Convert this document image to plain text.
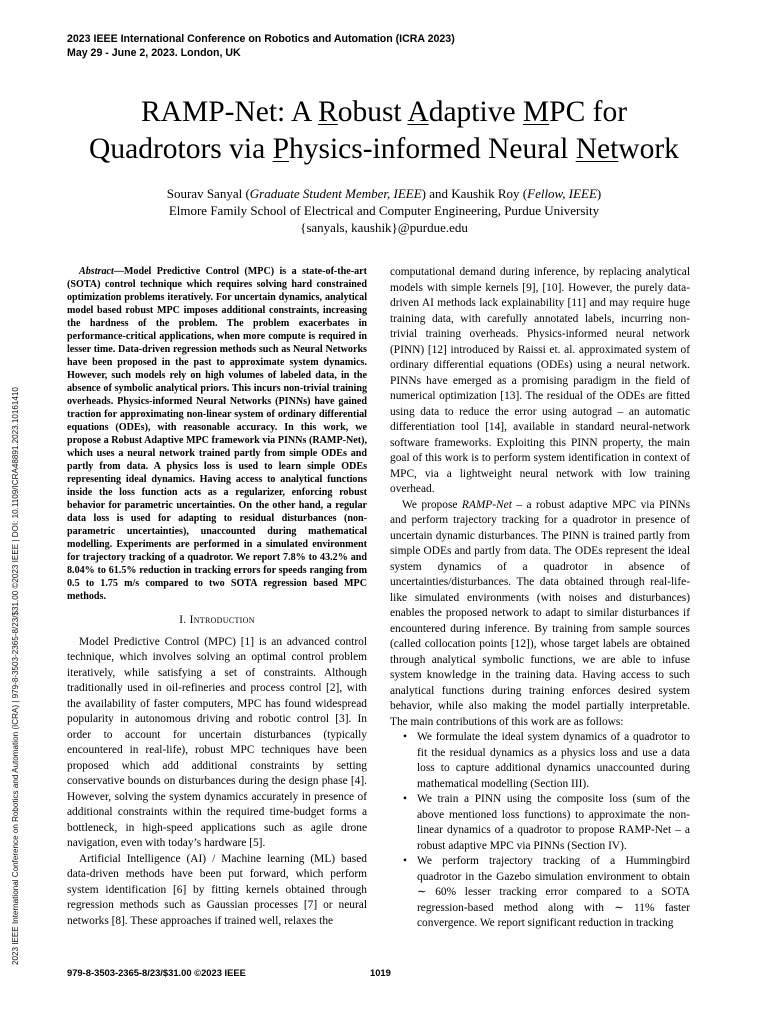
2023 IEEE International Conference on Robotics and Automation (ICRA 2023)
May 29 - June 2, 2023. London, UK
2023 IEEE International Conference on Robotics and Automation (ICRA) | 979-8-3503-2365-8/23/$31.00 ©2023 IEEE | DOI: 10.1109/ICRA48891.2023.10161410
RAMP-Net: A Robust Adaptive MPC for
Quadrotors via Physics-informed Neural Network
Sourav Sanyal (Graduate Student Member, IEEE) and Kaushik Roy (Fellow, IEEE)
Elmore Family School of Electrical and Computer Engineering, Purdue University
{sanyals, kaushik}@purdue.edu
Abstract—Model Predictive Control (MPC) is a state-of-the-art (SOTA) control technique which requires solving hard constrained optimization problems iteratively. For uncertain dynamics, analytical model based robust MPC imposes additional constraints, increasing the hardness of the problem. The problem exacerbates in performance-critical applications, when more compute is required in lesser time. Data-driven regression methods such as Neural Networks have been proposed in the past to approximate system dynamics. However, such models rely on high volumes of labeled data, in the absence of symbolic analytical priors. This incurs non-trivial training overheads. Physics-informed Neural Networks (PINNs) have gained traction for approximating non-linear system of ordinary differential equations (ODEs), with reasonable accuracy. In this work, we propose a Robust Adaptive MPC framework via PINNs (RAMP-Net), which uses a neural network trained partly from simple ODEs and partly from data. A physics loss is used to learn simple ODEs representing ideal dynamics. Having access to analytical functions inside the loss function acts as a regularizer, enforcing robust behavior for parametric uncertainties. On the other hand, a regular data loss is used for adapting to residual disturbances (non-parametric uncertainties), unaccounted during mathematical modelling. Experiments are performed in a simulated environment for trajectory tracking of a quadrotor. We report 7.8% to 43.2% and 8.04% to 61.5% reduction in tracking errors for speeds ranging from 0.5 to 1.75 m/s compared to two SOTA regression based MPC methods.
I. Introduction

Model Predictive Control (MPC) [1] is an advanced control technique, which involves solving an optimal control problem iteratively, while satisfying a set of constraints. Although traditionally used in oil-refineries and process control [2], with the availability of faster computers, MPC has found widespread popularity in autonomous driving and robotic control [3]. In order to account for uncertain disturbances (typically encountered in real-life), robust MPC techniques have been proposed which add additional constraints by setting conservative bounds on disturbances during the design phase [4]. However, solving the system dynamics accurately in presence of additional constraints within the required time-budget forms a bottleneck, in high-speed applications such as agile drone navigation, even with today’s hardware [5].

Artificial Intelligence (AI) / Machine learning (ML) based data-driven methods have been put forward, which perform system identification [6] by fitting kernels obtained through regression methods such as Gaussian processes [7] or neural networks [8]. These approaches if trained well, relaxes the

computational demand during inference, by replacing analytical models with simple kernels [9], [10]. However, the purely data-driven AI methods lack explainability [11] and may require huge training data, with carefully annotated labels, incurring non-trivial training overheads. Physics-informed neural network (PINN) [12] introduced by Raissi et. al. approximated system of ordinary differential equations (ODEs) using a neural network. PINNs have emerged as a promising paradigm in the field of numerical optimization [13]. The residual of the ODEs are fitted using data to reduce the error using autograd – an automatic differentiation tool [14], available in standard neural-network software frameworks. Exploiting this PINN property, the main goal of this work is to perform system identification in context of MPC, via a lightweight neural network with low training overhead.

We propose RAMP-Net – a robust adaptive MPC via PINNs and perform trajectory tracking for a quadrotor in presence of uncertain dynamic disturbances. The PINN is trained partly from simple ODEs and partly from data. The ODEs represent the ideal system dynamics of a quadrotor in absence of uncertainties/disturbances. The data obtained through real-life-like simulated environments (with noises and disturbances) enables the proposed network to adapt to similar disturbances if encountered during inference. By training from sample sources (called collocation points [12]), whose target labels are obtained through analytical symbolic functions, we are able to infuse system knowledge in the training data. Having access to such analytical functions during training enforces desired system behavior, while also making the model partially interpretable. The main contributions of this work are as follows:

• We formulate the ideal system dynamics of a quadrotor to fit the residual dynamics as a physics loss and use a data loss to capture additional dynamics unaccounted during mathematical modelling (Section III).
• We train a PINN using the composite loss (sum of the above mentioned loss functions) to approximate the non-linear dynamics of a quadrotor to propose RAMP-Net – a robust adaptive MPC via PINNs (Section IV).
• We perform trajectory tracking of a Hummingbird quadrotor in the Gazebo simulation environment to obtain ∼ 60% lesser tracking error compared to a SOTA regression-based method along with ∼ 11% faster convergence. We report significant reduction in tracking
979-8-3503-2365-8/23/$31.00 ©2023 IEEE	1019
